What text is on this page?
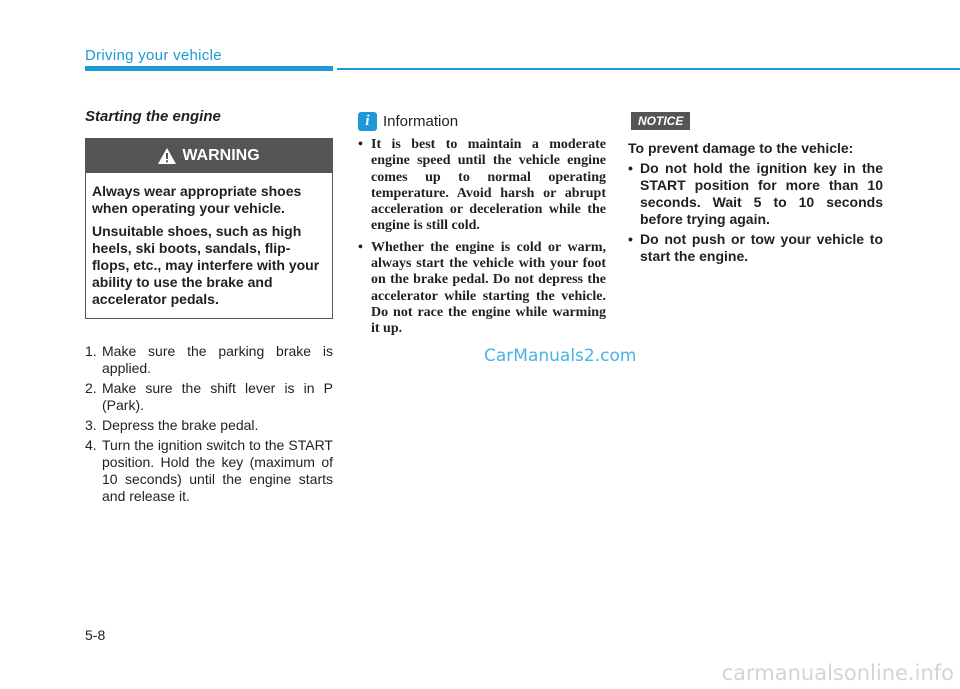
Driving your vehicle
Starting the engine
WARNING

Always wear appropriate shoes when operating your vehicle.

Unsuitable shoes, such as high heels, ski boots, sandals, flip-flops, etc., may interfere with your ability to use the brake and accelerator pedals.

1. Make sure the parking brake is applied.
2. Make sure the shift lever is in P (Park).
3. Depress the brake pedal.
4. Turn the ignition switch to the START position. Hold the key (maximum of 10 seconds) until the engine starts and release it.
i Information
• It is best to maintain a moderate engine speed until the vehicle engine comes up to normal operating temperature. Avoid harsh or abrupt acceleration or deceleration while the engine is still cold.
• Whether the engine is cold or warm, always start the vehicle with your foot on the brake pedal. Do not depress the accelerator while starting the vehicle. Do not race the engine while warming it up.
NOTICE
To prevent damage to the vehicle:
• Do not hold the ignition key in the START position for more than 10 seconds. Wait 5 to 10 seconds before trying again.
• Do not push or tow your vehicle to start the engine.
CarManuals2.com
5-8
carmanualsonline.info
